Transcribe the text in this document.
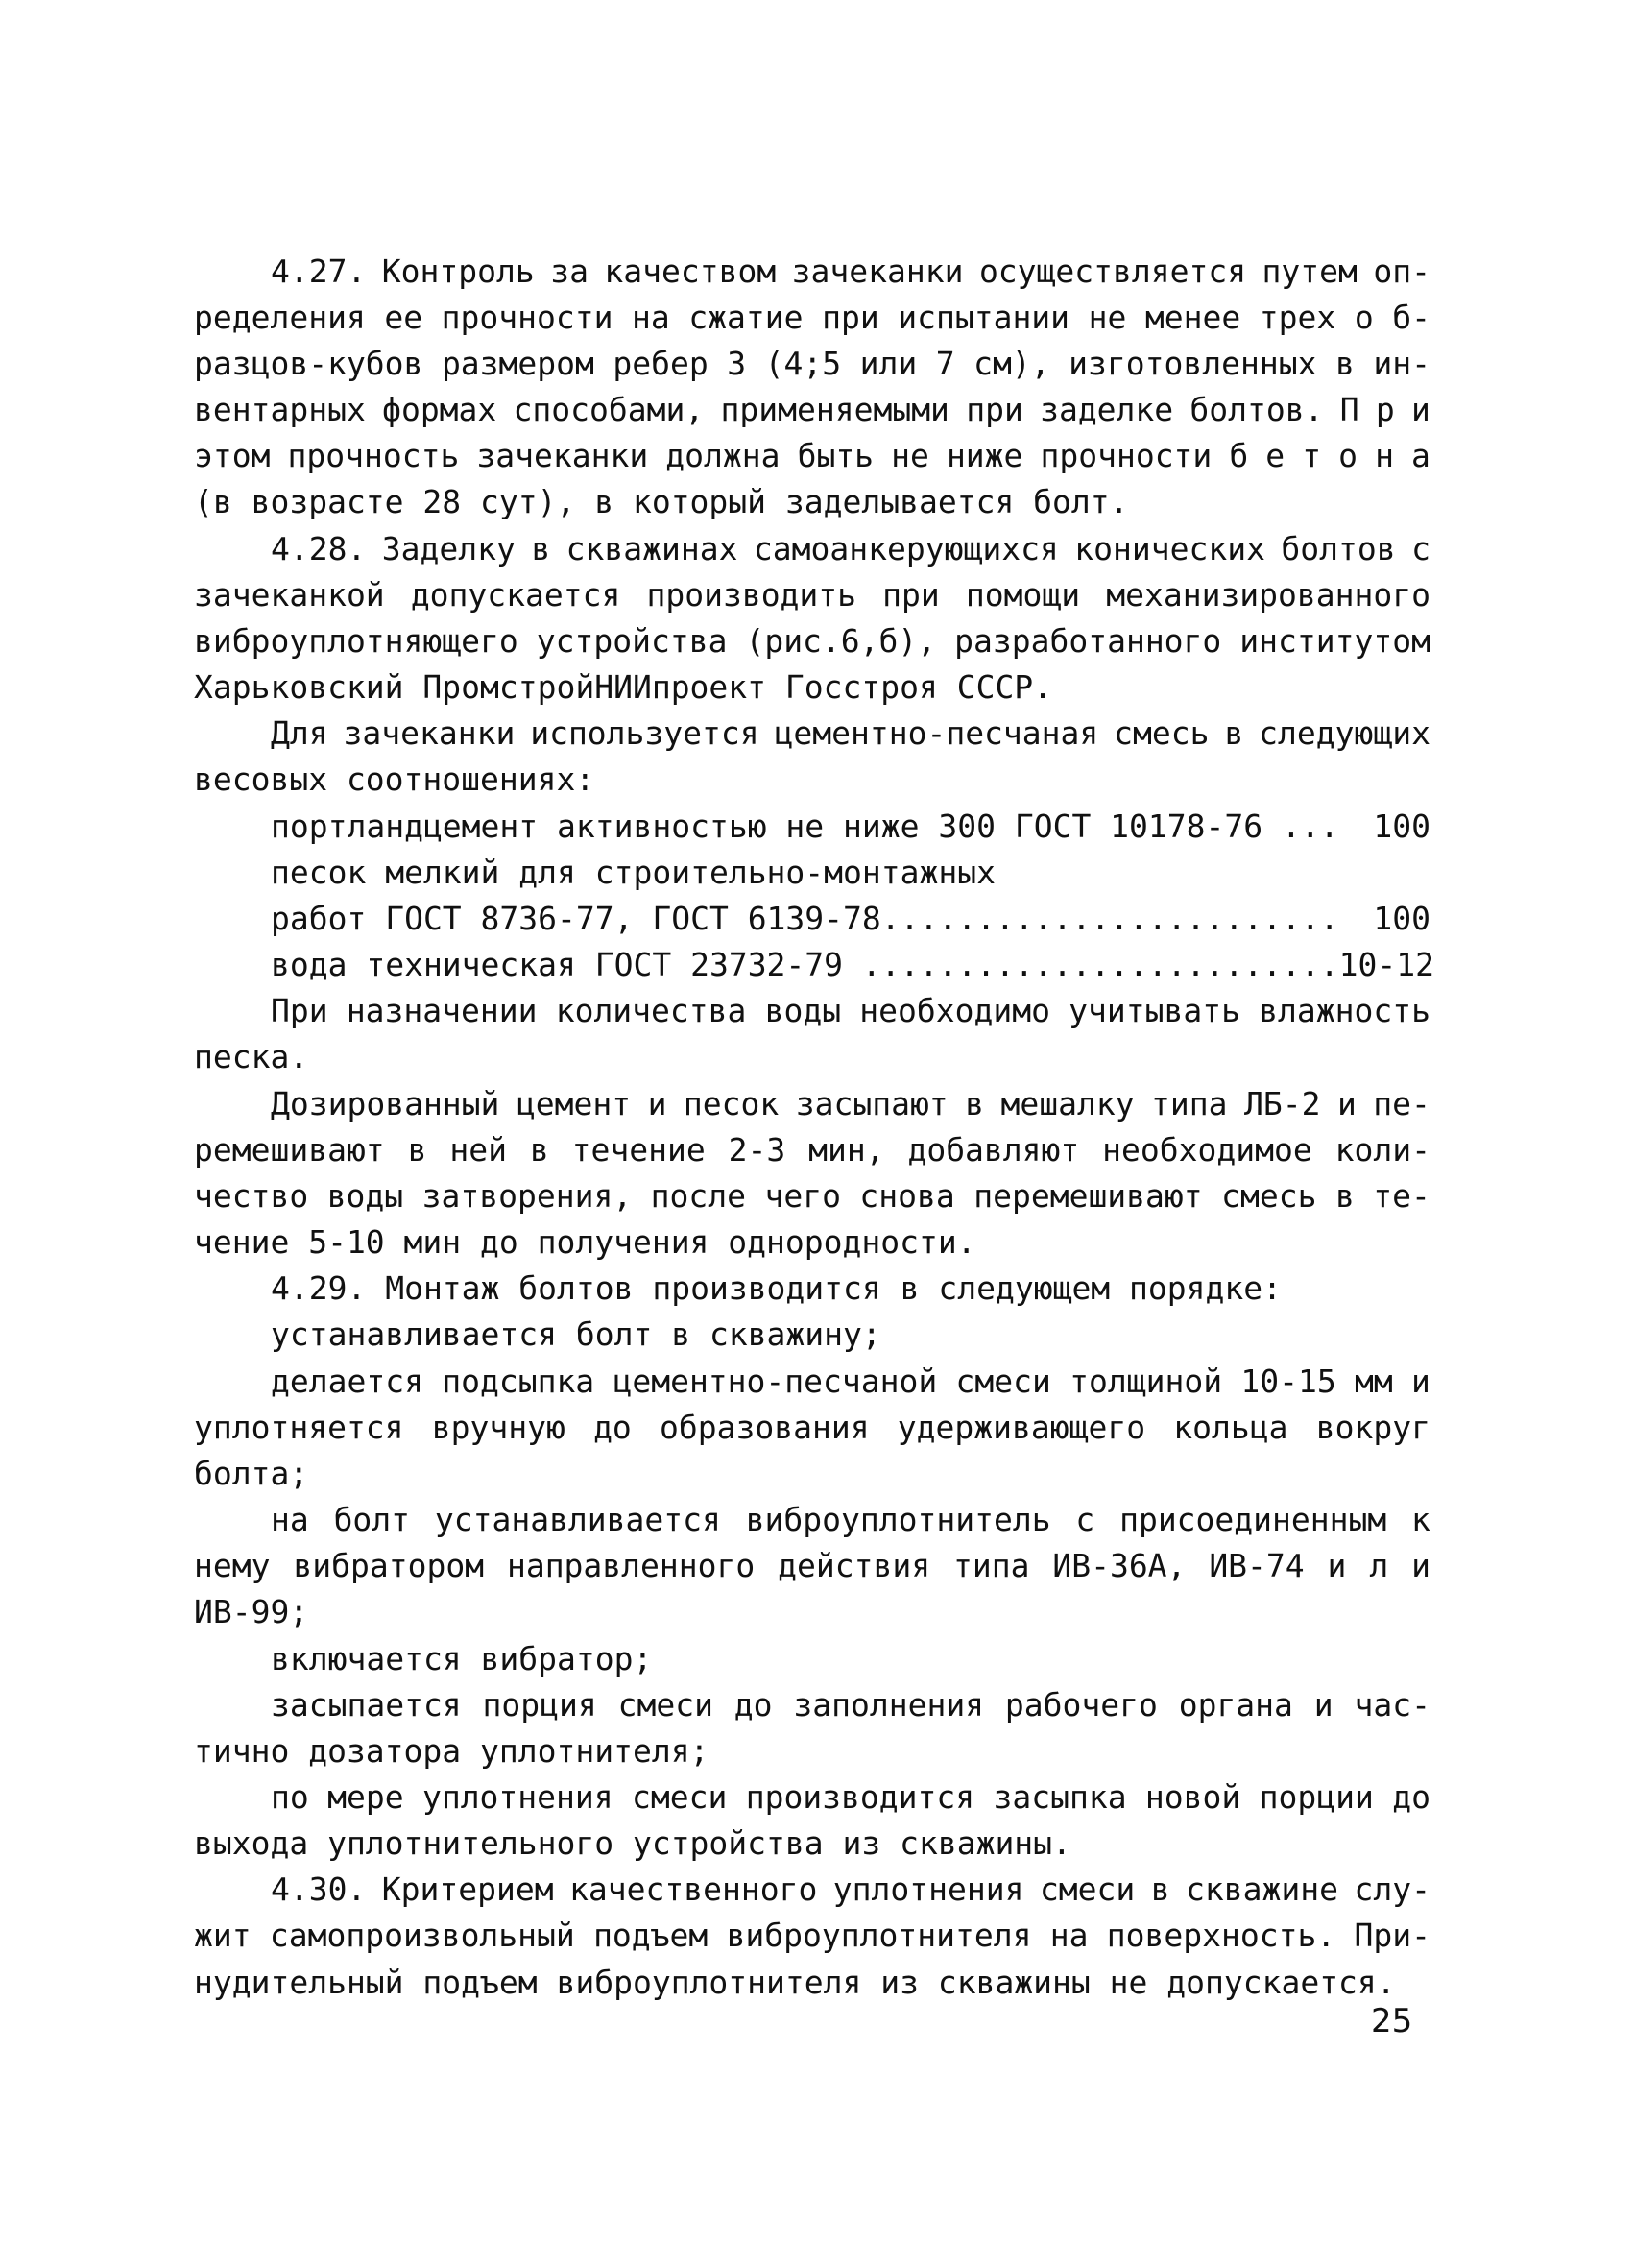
4.27. Контроль за качеством зачеканки осуществляется путем оп-
ределения ее прочности на сжатие при испытании не менее трех о б-
разцов-кубов размером ребер 3 (4;5 или 7 см), изготовленных в ин-
вентарных формах способами, применяемыми при заделке болтов. П р и
этом прочность зачеканки должна быть не ниже прочности б е т о н а
(в возрасте 28 сут), в который заделывается болт.
4.28. Заделку в скважинах самоанкерующихся конических болтов с
зачеканкой допускается производить при помощи механизированного
виброуплотняющего устройства (рис.6,б), разработанного институтом
Харьковский ПромстройНИИпроект Госстроя СССР.
Для зачеканки используется цементно-песчаная смесь в следующих
весовых соотношениях:
портландцемент активностью не ниже 300 ГОСТ 10178-76 ... 100
песок мелкий для строительно-монтажных
работ ГОСТ 8736-77, ГОСТ 6139-78........................ 100
вода техническая ГОСТ 23732-79 ......................... 10-12
При назначении количества воды необходимо учитывать влажность
песка.
Дозированный цемент и песок засыпают в мешалку типа ЛБ-2 и пе-
ремешивают в ней в течение 2-3 мин, добавляют необходимое коли-
чество воды затворения, после чего снова перемешивают смесь в те-
чение 5-10 мин до получения однородности.
4.29. Монтаж болтов производится в следующем порядке:
устанавливается болт в скважину;
делается подсыпка цементно-песчаной смеси толщиной 10-15 мм и
уплотняется вручную до образования удерживающего кольца вокруг
болта;
на болт устанавливается виброуплотнитель с присоединенным к
нему вибратором направленного действия типа ИВ-36А, ИВ-74 и л и
ИВ-99;
включается вибратор;
засыпается порция смеси до заполнения рабочего органа и час-
тично дозатора уплотнителя;
по мере уплотнения смеси производится засыпка новой порции до
выхода уплотнительного устройства из скважины.
4.30. Критерием качественного уплотнения смеси в скважине слу-
жит самопроизвольный подъем виброуплотнителя на поверхность. При-
нудительный подъем виброуплотнителя из скважины не допускается.
25
